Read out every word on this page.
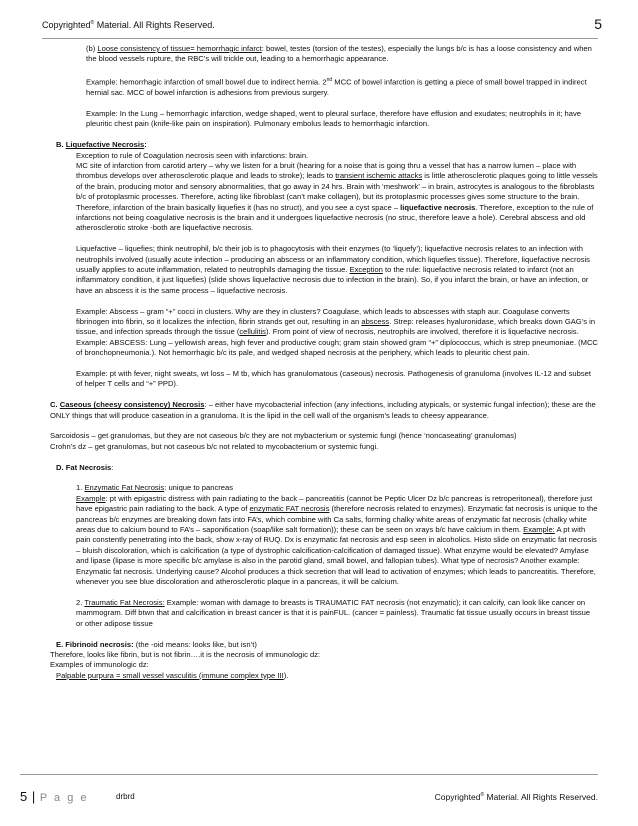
Copyrighted® Material. All Rights Reserved.	5

(b) Loose consistency of tissue= hemorrhagic infarct: bowel, testes (torsion of the testes), especially the lungs b/c is has a loose consistency and when the blood vessels rupture, the RBC’s will trickle out, leading to a hemorrhagic appearance.

Example: hemorrhagic infarction of small bowel due to indirect hernia. 2nd MCC of bowel infarction is getting a piece of small bowel trapped in indirect hernial sac. MCC of bowel infarction is adhesions from previous surgery.

Example: In the Lung – hemorrhagic infarction, wedge shaped, went to pleural surface, therefore have effusion and exudates; neutrophils in it; have pleuritic chest pain (knife-like pain on inspiration). Pulmonary embolus leads to hemorrhagic infarction.

B. Liquefactive Necrosis:

Exception to rule of Coagulation necrosis seen with infarctions: brain.
MC site of infarction from carotid artery – why we listen for a bruit (hearing for a noise that is going thru a vessel that has a narrow lumen – place with thrombus develops over atherosclerotic plaque and leads to stroke); leads to transient ischemic attacks is little atherosclerotic plaques going to little vessels of the brain, producing motor and sensory abnormalities, that go away in 24 hrs. Brain with ‘meshwork’ – in brain, astrocytes is analogous to the fibroblasts b/c of protoplasmic processes. Therefore, acting like fibroblast (can’t make collagen), but its protoplasmic processes gives some structure to the brain. Therefore, infarction of the brain basically liquefies it (has no struct), and you see a cyst space – liquefactive necrosis. Therefore, exception to the rule of infarctions not being coagulative necrosis is the brain and it undergoes liquefactive necrosis (no struc, therefore leave a hole). Cerebral abscess and old atherosclerotic stroke -both are liquefactive necrosis.

Liquefactive – liquefies; think neutrophil, b/c their job is to phagocytosis with their enzymes (to ‘liquefy’); liquefactive necrosis relates to an infection with neutrophils involved (usually acute infection – producing an abscess or an inflammatory condition, which liquefies tissue). Therefore, liquefactive necrosis usually applies to acute inflammation, related to neutrophils damaging the tissue. Exception to the rule: liquefactive necrosis related to infarct (not an inflammatory condition, it just liquefies) (slide shows liquefactive necrosis due to infection in the brain). So, if you infarct the brain, or have an infection, or have an abscess it is the same process – liquefactive necrosis.

Example: Abscess – gram “+” cocci in clusters. Why are they in clusters? Coagulase, which leads to abscesses with staph aur. Coagulase converts fibrinogen into fibrin, so it localizes the infection, fibrin strands get out, resulting in an abscess. Strep: releases hyaluronidase, which breaks down GAG’s in tissue, and infection spreads through the tissue (cellulitis). From point of view of necrosis, neutrophils are involved, therefore it is liquefactive necrosis. Example: ABSCESS: Lung – yellowish areas, high fever and productive cough; gram stain showed gram “+” diplococcus, which is strep pneumoniae. (MCC of bronchopneumonia.). Not hemorrhagic b/c its pale, and wedged shaped necrosis at the periphery, which leads to pleuritic chest pain.

Example: pt with fever, night sweats, wt loss – M tb, which has granulomatous (caseous) necrosis. Pathogenesis of granuloma (involves IL-12 and subset of helper T cells and “+” PPD).

C. Caseous (cheesy consistency) Necrosis: – either have mycobacterial infection (any infections, including atypicals, or systemic fungal infection); these are the ONLY things that will produce caseation in a granuloma. It is the lipid in the cell wall of the organism’s leads to cheesy appearance.

Sarcoidosis – get granulomas, but they are not caseous b/c they are not mybacterium or systemic fungi (hence ‘noncaseating’ granulomas)

Crohn’s dz – get granulomas, but not caseous b/c not related to mycobacterium or systemic fungi.

D. Fat Necrosis:

1. Enzymatic Fat Necrosis: unique to pancreas

Example: pt with epigastric distress with pain radiating to the back – pancreatitis (cannot be Peptic Ulcer Dz b/c pancreas is retroperitoneal), therefore just have epigastric pain radiating to the back. A type of enzymatic FAT necrosis (therefore necrosis related to enzymes). Enzymatic fat necrosis is unique to the pancreas b/c enzymes are breaking down fats into FA’s, which combine with Ca salts, forming chalky white areas of enzymatic fat necrosis (chalky white areas due to calcium bound to FA’s – saponification (soap/like salt formation)); these can be seen on xrays b/c have calcium in them. Example: A pt with pain constently penetrating into the back, show x-ray of RUQ. Dx is enzymatic fat necrosis and esp seen in alcoholics. Histo slide on enzymatic fat necrosis – bluish discoloration, which is calcification (a type of dystrophic calcification-calcification of damaged tissue). What enzyme would be elevated? Amylase and lipase (lipase is more specific b/c amylase is also in the parotid gland, small bowel, and fallopian tubes). What type of necrosis? Another example: Enzymatic fat necrosis. Underlying cause? Alcohol produces a thick secretion that will lead to activation of enzymes; which leads to pancreatitis. Therefore, whenever you see blue discoloration and atherosclerotic plaque in a pancreas, it will be calcium.

2. Traumatic Fat Necrosis: Example: woman with damage to breasts is TRAUMATIC FAT necrosis (not enzymatic); it can calcify, can look like cancer on mammogram. Diff btwn that and calcification in breast cancer is that it is painFUL. (cancer = painless). Traumatic fat tissue usually occurs in breast tissue or other adipose tissue

E. Fibrinoid necrosis: (the -oid means: looks like, but isn’t)
Therefore, looks like fibrin, but is not fibrin….it is the necrosis of immunologic dz:
Examples of immunologic dz:
Palpable purpura = small vessel vasculitis (immune complex type III).
5 | P a g e	drbrd	Copyrighted® Material. All Rights Reserved.
